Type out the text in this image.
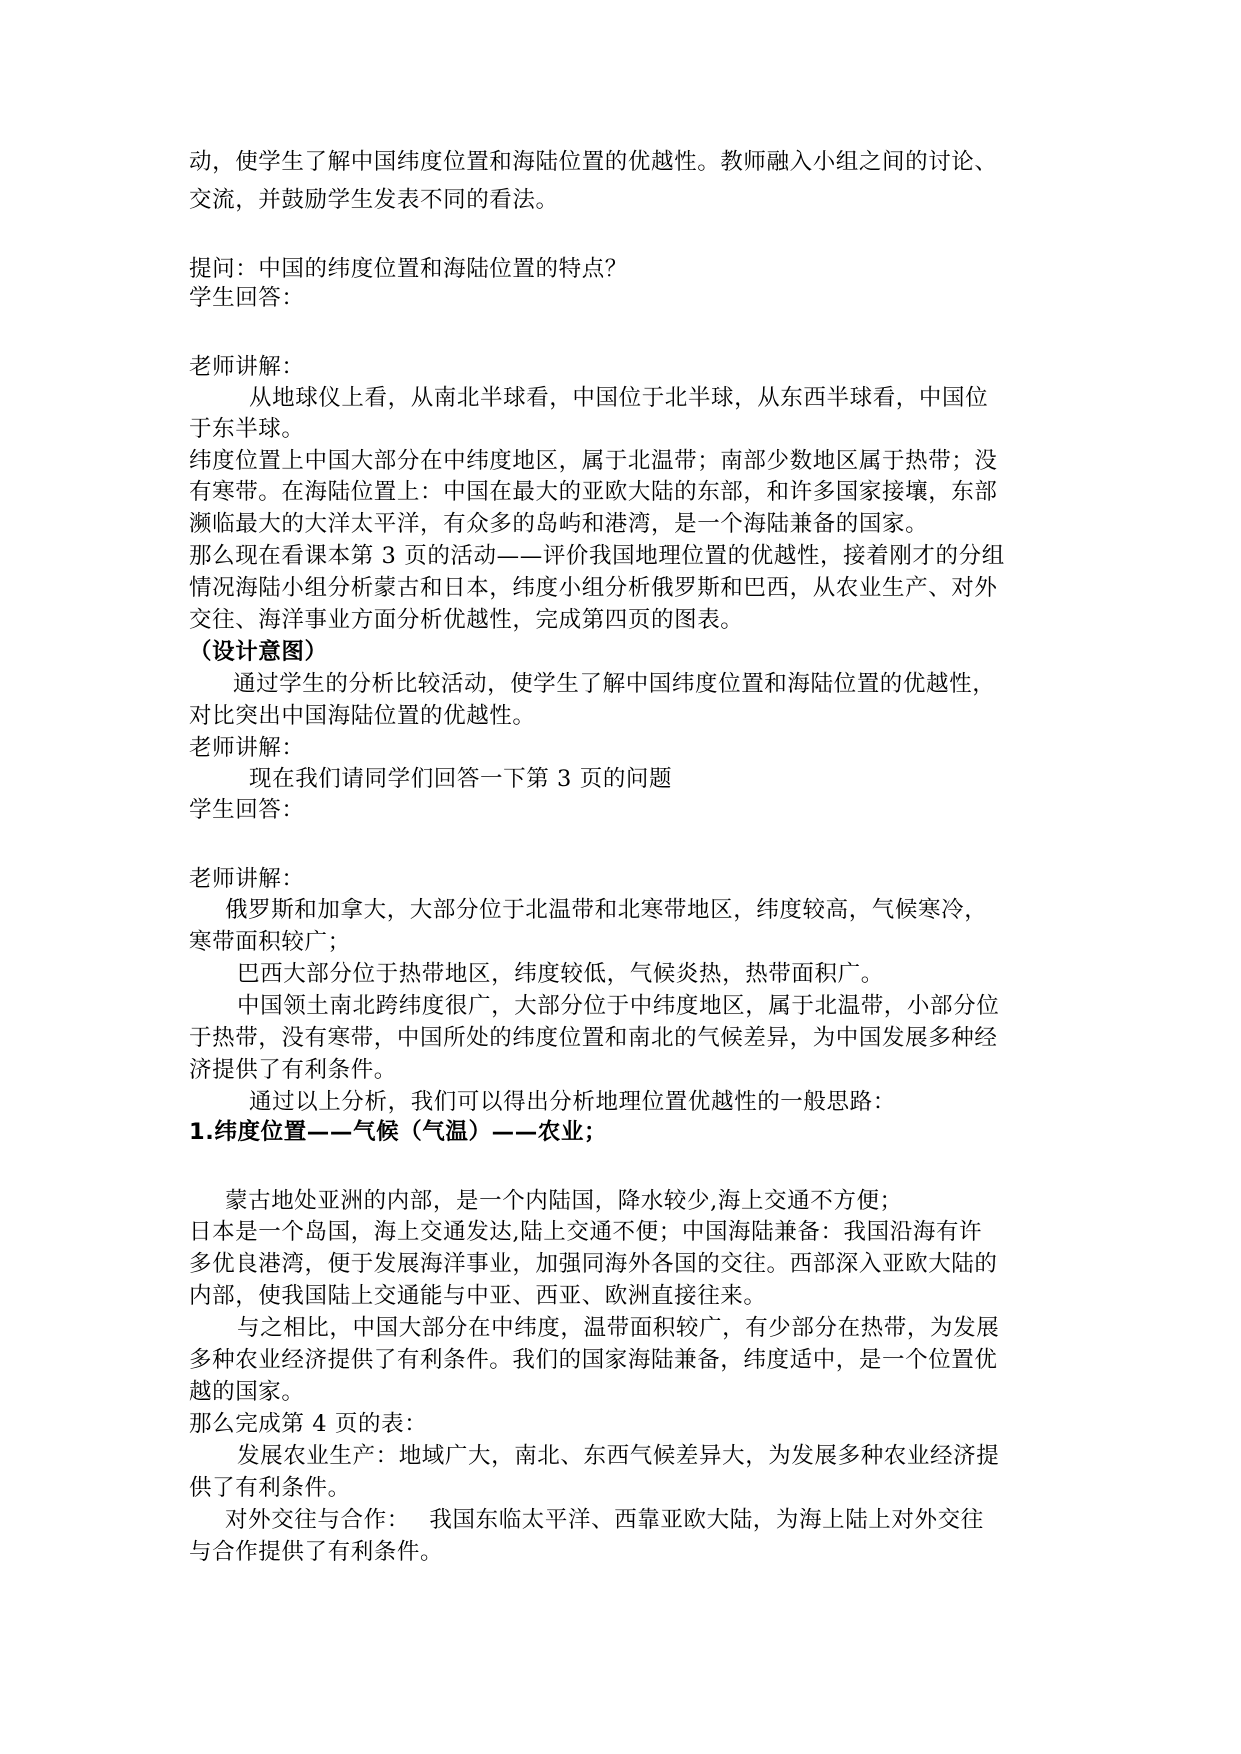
动，使学生了解中国纬度位置和海陆位置的优越性。教师融入小组之间的讨论、

交流，并鼓励学生发表不同的看法。

提问：中国的纬度位置和海陆位置的特点？

学生回答：

老师讲解：

从地球仪上看，从南北半球看，中国位于北半球，从东西半球看，中国位

于东半球。

纬度位置上中国大部分在中纬度地区，属于北温带；南部少数地区属于热带；没

有寒带。在海陆位置上：中国在最大的亚欧大陆的东部，和许多国家接壤，东部

濒临最大的大洋太平洋，有众多的岛屿和港湾，是一个海陆兼备的国家。

那么现在看课本第 3 页的活动——评价我国地理位置的优越性，接着刚才的分组

情况海陆小组分析蒙古和日本，纬度小组分析俄罗斯和巴西，从农业生产、对外

交往、海洋事业方面分析优越性，完成第四页的图表。

（设计意图）

通过学生的分析比较活动，使学生了解中国纬度位置和海陆位置的优越性，

对比突出中国海陆位置的优越性。

老师讲解：

现在我们请同学们回答一下第 3 页的问题

学生回答：

老师讲解：

俄罗斯和加拿大，大部分位于北温带和北寒带地区，纬度较高，气候寒冷，

寒带面积较广；

巴西大部分位于热带地区，纬度较低，气候炎热，热带面积广。

中国领土南北跨纬度很广，大部分位于中纬度地区，属于北温带，小部分位

于热带，没有寒带，中国所处的纬度位置和南北的气候差异，为中国发展多种经

济提供了有利条件。

通过以上分析，我们可以得出分析地理位置优越性的一般思路：

1.纬度位置——气候（气温）——农业；

蒙古地处亚洲的内部，是一个内陆国，降水较少,海上交通不方便；

日本是一个岛国，海上交通发达,陆上交通不便；中国海陆兼备：我国沿海有许

多优良港湾，便于发展海洋事业，加强同海外各国的交往。西部深入亚欧大陆的

内部，使我国陆上交通能与中亚、西亚、欧洲直接往来。

与之相比，中国大部分在中纬度，温带面积较广，有少部分在热带，为发展

多种农业经济提供了有利条件。我们的国家海陆兼备，纬度适中，是一个位置优

越的国家。

那么完成第 4 页的表：

发展农业生产：地域广大，南北、东西气候差异大，为发展多种农业经济提

供了有利条件。

对外交往与合作：　 我国东临太平洋、西靠亚欧大陆，为海上陆上对外交往

与合作提供了有利条件。
